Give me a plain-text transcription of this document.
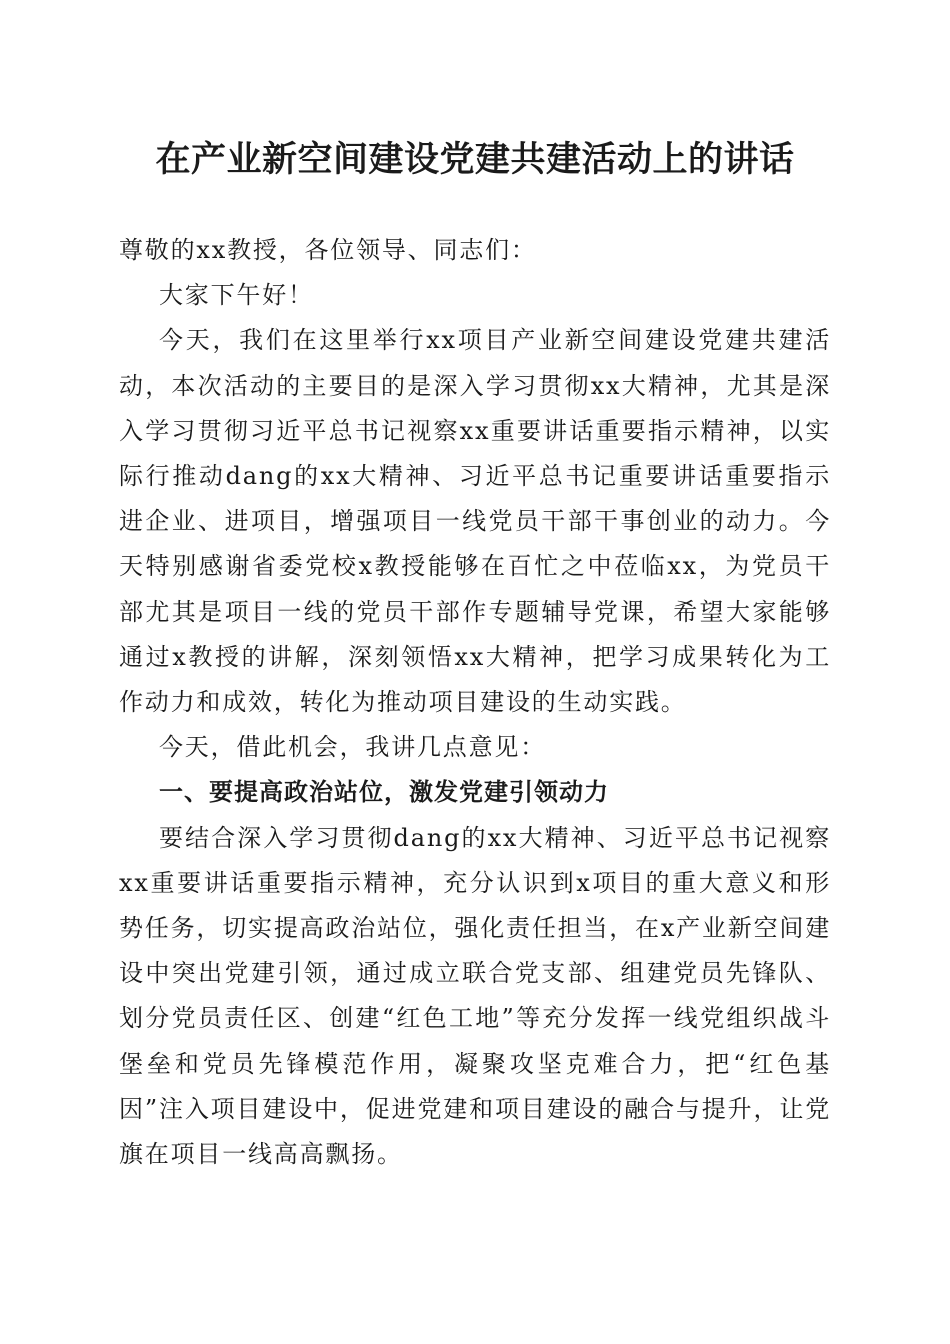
在产业新空间建设党建共建活动上的讲话

尊敬的xx教授，各位领导、同志们：

大家下午好！

今天，我们在这里举行xx项目产业新空间建设党建共建活动，本次活动的主要目的是深入学习贯彻xx大精神，尤其是深入学习贯彻习近平总书记视察xx重要讲话重要指示精神，以实际行推动dang的xx大精神、习近平总书记重要讲话重要指示进企业、进项目，增强项目一线党员干部干事创业的动力。今天特别感谢省委党校x教授能够在百忙之中莅临xx，为党员干部尤其是项目一线的党员干部作专题辅导党课，希望大家能够通过x教授的讲解，深刻领悟xx大精神，把学习成果转化为工作动力和成效，转化为推动项目建设的生动实践。

今天，借此机会，我讲几点意见：

一、要提高政治站位，激发党建引领动力

要结合深入学习贯彻dang的xx大精神、习近平总书记视察xx重要讲话重要指示精神，充分认识到x项目的重大意义和形势任务，切实提高政治站位，强化责任担当，在x产业新空间建设中突出党建引领，通过成立联合党支部、组建党员先锋队、划分党员责任区、创建“红色工地”等充分发挥一线党组织战斗堡垒和党员先锋模范作用，凝聚攻坚克难合力，把“红色基因”注入项目建设中，促进党建和项目建设的融合与提升，让党旗在项目一线高高飘扬。
